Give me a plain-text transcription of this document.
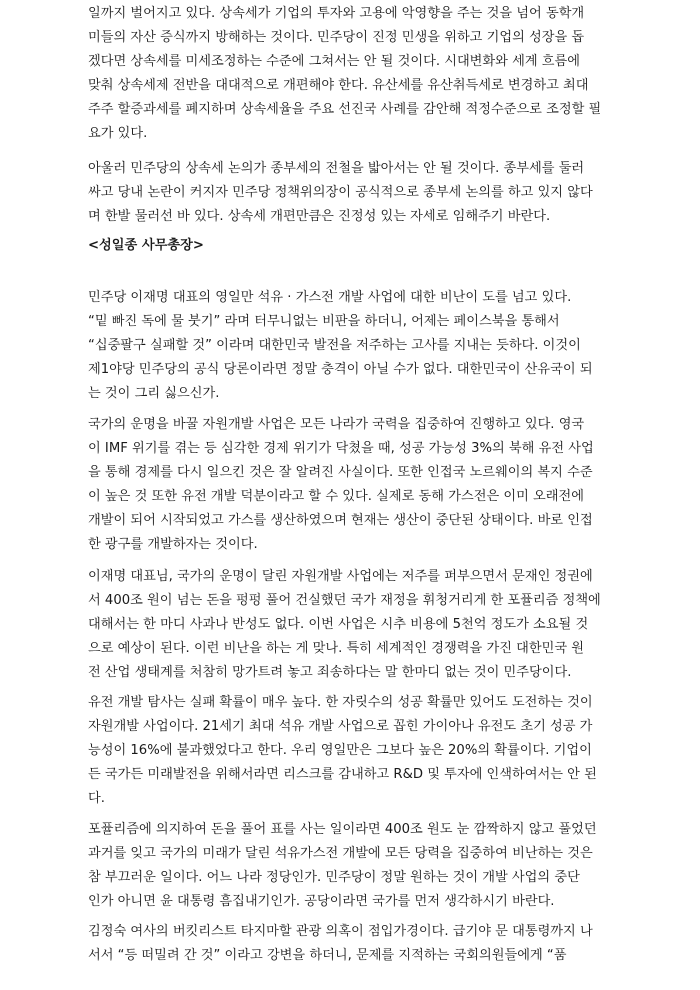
일까지 벌어지고 있다. 상속세가 기업의 투자와 고용에 악영향을 주는 것을 넘어 동학개
미들의 자산 증식까지 방해하는 것이다. 민주당이 진정 민생을 위하고 기업의 성장을 돕
겠다면 상속세를 미세조정하는 수준에 그쳐서는 안 될 것이다. 시대변화와 세계 흐름에
맞춰 상속세제 전반을 대대적으로 개편해야 한다. 유산세를 유산취득세로 변경하고 최대
주주 할증과세를 폐지하며 상속세율을 주요 선진국 사례를 감안해 적정수준으로 조정할 필
요가 있다.

아울러 민주당의 상속세 논의가 종부세의 전철을 밟아서는 안 될 것이다. 종부세를 둘러
싸고 당내 논란이 커지자 민주당 정책위의장이 공식적으로 종부세 논의를 하고 있지 않다
며 한발 물러선 바 있다. 상속세 개편만큼은 진정성 있는 자세로 임해주기 바란다.

<성일종 사무총장>

민주당 이재명 대표의 영일만 석유 · 가스전 개발 사업에 대한 비난이 도를 넘고 있다.
“밑 빠진 독에 물 붓기” 라며 터무니없는 비판을 하더니, 어제는 페이스북을 통해서
“십중팔구 실패할 것” 이라며 대한민국 발전을 저주하는 고사를 지내는 듯하다. 이것이
제1야당 민주당의 공식 당론이라면 정말 충격이 아닐 수가 없다. 대한민국이 산유국이 되
는 것이 그리 싫으신가.

국가의 운명을 바꿀 자원개발 사업은 모든 나라가 국력을 집중하여 진행하고 있다. 영국
이 IMF 위기를 겪는 등 심각한 경제 위기가 닥쳤을 때, 성공 가능성 3%의 북해 유전 사업
을 통해 경제를 다시 일으킨 것은 잘 알려진 사실이다. 또한 인접국 노르웨이의 복지 수준
이 높은 것 또한 유전 개발 덕분이라고 할 수 있다. 실제로 동해 가스전은 이미 오래전에
개발이 되어 시작되었고 가스를 생산하였으며 현재는 생산이 중단된 상태이다. 바로 인접
한 광구를 개발하자는 것이다.

이재명 대표님, 국가의 운명이 달린 자원개발 사업에는 저주를 퍼부으면서 문재인 정권에
서 400조 원이 넘는 돈을 펑펑 풀어 건실했던 국가 재정을 휘청거리게 한 포퓰리즘 정책에
대해서는 한 마디 사과나 반성도 없다. 이번 사업은 시추 비용에 5천억 정도가 소요될 것
으로 예상이 된다. 이런 비난을 하는 게 맞나. 특히 세계적인 경쟁력을 가진 대한민국 원
전 산업 생태계를 처참히 망가트려 놓고 죄송하다는 말 한마디 없는 것이 민주당이다.

유전 개발 탐사는 실패 확률이 매우 높다. 한 자릿수의 성공 확률만 있어도 도전하는 것이
자원개발 사업이다. 21세기 최대 석유 개발 사업으로 꼽힌 가이아나 유전도 초기 성공 가
능성이 16%에 불과했었다고 한다. 우리 영일만은 그보다 높은 20%의 확률이다. 기업이
든 국가든 미래발전을 위해서라면 리스크를 감내하고 R&D 및 투자에 인색하여서는 안 된
다.

포퓰리즘에 의지하여 돈을 풀어 표를 사는 일이라면 400조 원도 눈 깜짝하지 않고 풀었던
과거를 잊고 국가의 미래가 달린 석유가스전 개발에 모든 당력을 집중하여 비난하는 것은
참 부끄러운 일이다. 어느 나라 정당인가. 민주당이 정말 원하는 것이 개발 사업의 중단
인가 아니면 윤 대통령 흠집내기인가. 공당이라면 국가를 먼저 생각하시기 바란다.

김정숙 여사의 버킷리스트 타지마할 관광 의혹이 점입가경이다. 급기야 문 대통령까지 나
서서 “등 떠밀려 간 것” 이라고 강변을 하더니, 문제를 지적하는 국회의원들에게 “품
